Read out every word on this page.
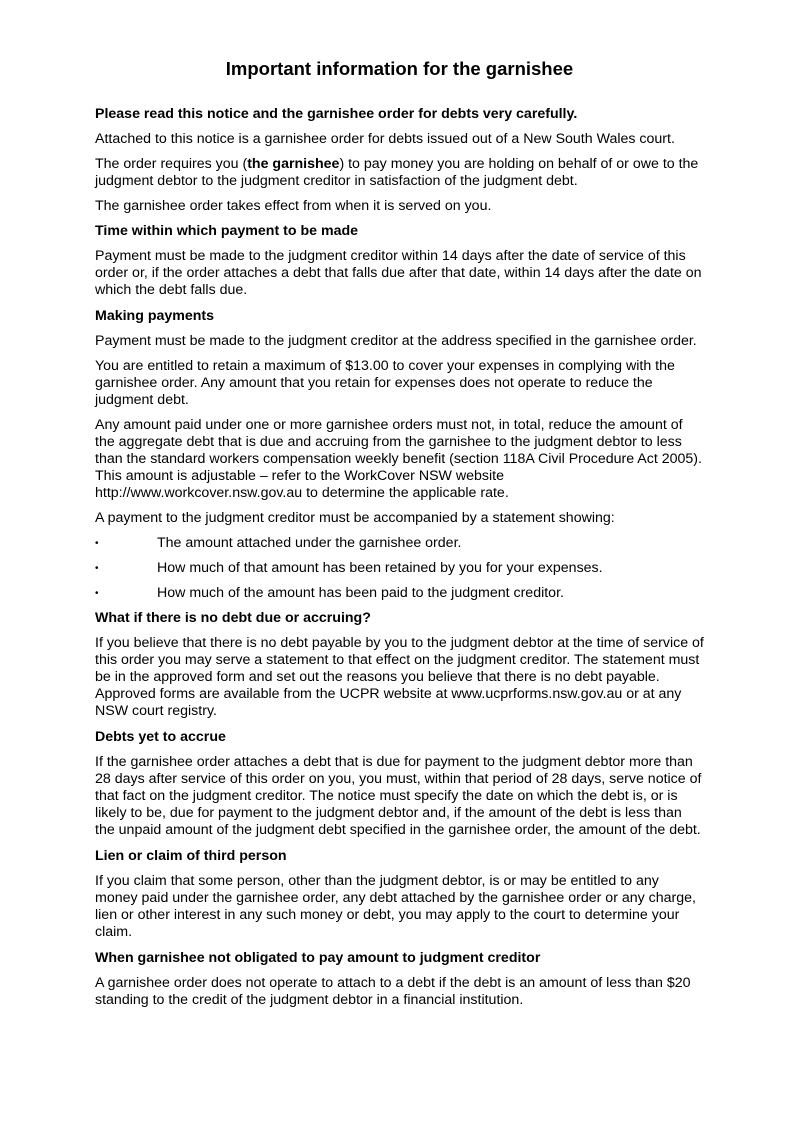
Important information for the garnishee

Please read this notice and the garnishee order for debts very carefully.

Attached to this notice is a garnishee order for debts issued out of a New South Wales court.

The order requires you (the garnishee) to pay money you are holding on behalf of or owe to the judgment debtor to the judgment creditor in satisfaction of the judgment debt.

The garnishee order takes effect from when it is served on you.

Time within which payment to be made

Payment must be made to the judgment creditor within 14 days after the date of service of this order or, if the order attaches a debt that falls due after that date, within 14 days after the date on which the debt falls due.

Making payments

Payment must be made to the judgment creditor at the address specified in the garnishee order.

You are entitled to retain a maximum of $13.00 to cover your expenses in complying with the garnishee order. Any amount that you retain for expenses does not operate to reduce the judgment debt.

Any amount paid under one or more garnishee orders must not, in total, reduce the amount of the aggregate debt that is due and accruing from the garnishee to the judgment debtor to less than the standard workers compensation weekly benefit (section 118A Civil Procedure Act 2005). This amount is adjustable – refer to the WorkCover NSW website http://www.workcover.nsw.gov.au to determine the applicable rate.

A payment to the judgment creditor must be accompanied by a statement showing:

•	The amount attached under the garnishee order.
•	How much of that amount has been retained by you for your expenses.
•	How much of the amount has been paid to the judgment creditor.
What if there is no debt due or accruing?

If you believe that there is no debt payable by you to the judgment debtor at the time of service of this order you may serve a statement to that effect on the judgment creditor. The statement must be in the approved form and set out the reasons you believe that there is no debt payable. Approved forms are available from the UCPR website at www.ucprforms.nsw.gov.au or at any NSW court registry.

Debts yet to accrue

If the garnishee order attaches a debt that is due for payment to the judgment debtor more than 28 days after service of this order on you, you must, within that period of 28 days, serve notice of that fact on the judgment creditor. The notice must specify the date on which the debt is, or is likely to be, due for payment to the judgment debtor and, if the amount of the debt is less than the unpaid amount of the judgment debt specified in the garnishee order, the amount of the debt.

Lien or claim of third person

If you claim that some person, other than the judgment debtor, is or may be entitled to any money paid under the garnishee order, any debt attached by the garnishee order or any charge, lien or other interest in any such money or debt, you may apply to the court to determine your claim.

When garnishee not obligated to pay amount to judgment creditor

A garnishee order does not operate to attach to a debt if the debt is an amount of less than $20 standing to the credit of the judgment debtor in a financial institution.
